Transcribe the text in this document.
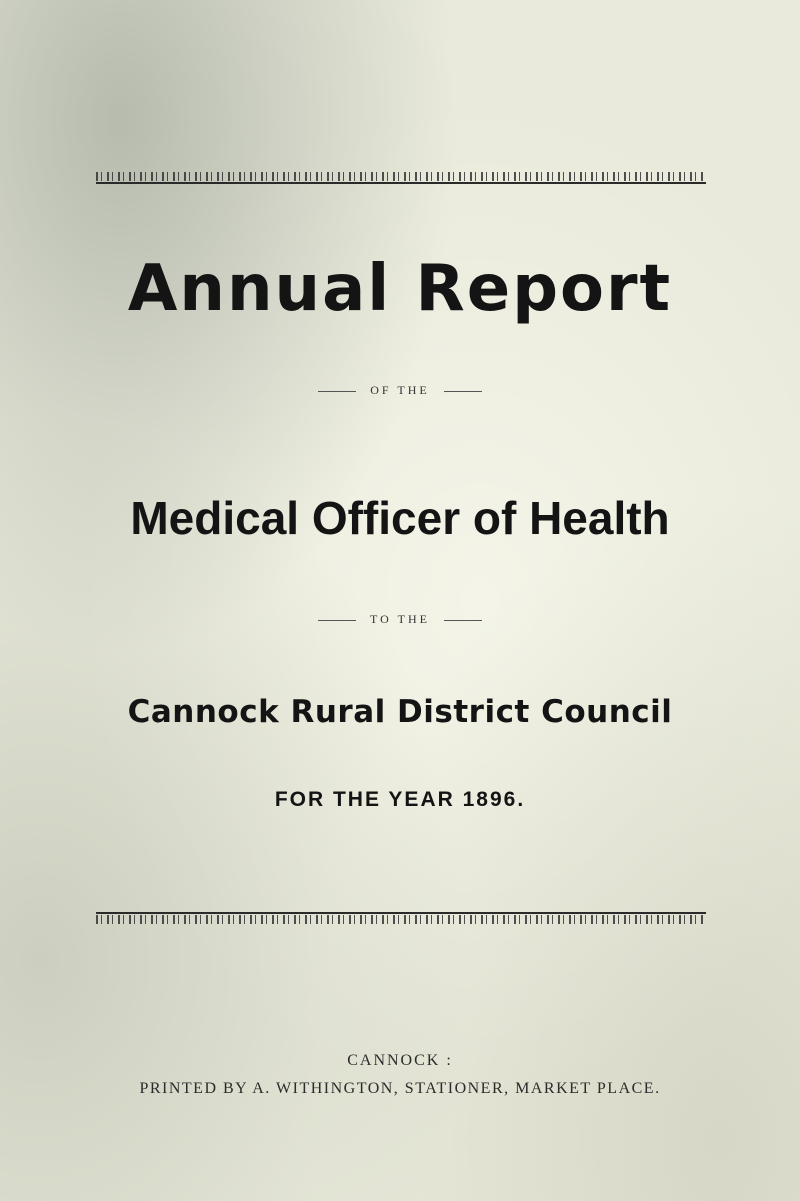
Annual Report
OF THE
Medical Officer of Health
TO THE
Cannock Rural District Council
FOR THE YEAR 1896.
CANNOCK :
PRINTED BY A. WITHINGTON, STATIONER, MARKET PLACE.
